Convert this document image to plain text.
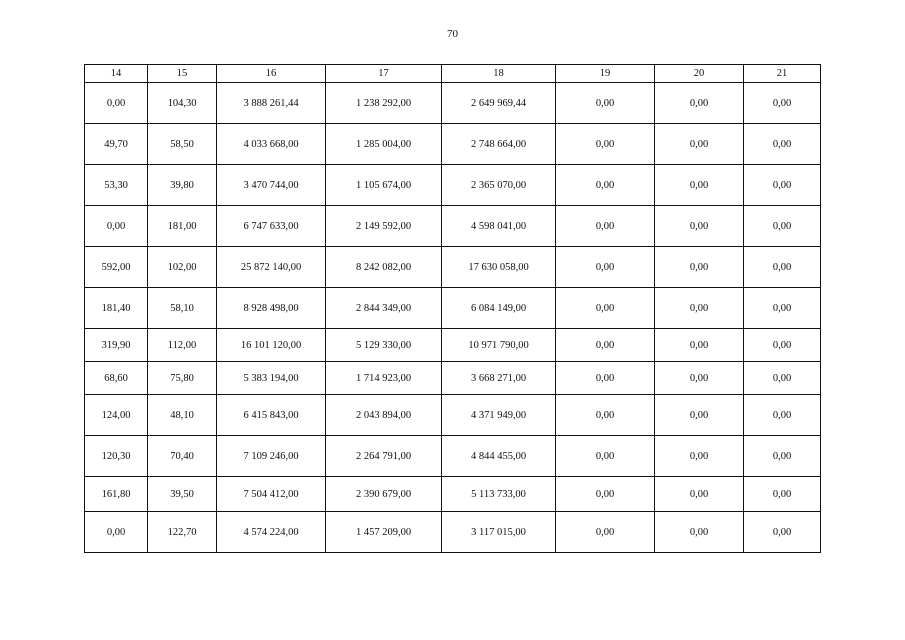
70
14	15	16	17	18	19	20	21
0,00	104,30	3 888 261,44	1 238 292,00	2 649 969,44	0,00	0,00	0,00
49,70	58,50	4 033 668,00	1 285 004,00	2 748 664,00	0,00	0,00	0,00
53,30	39,80	3 470 744,00	1 105 674,00	2 365 070,00	0,00	0,00	0,00
0,00	181,00	6 747 633,00	2 149 592,00	4 598 041,00	0,00	0,00	0,00
592,00	102,00	25 872 140,00	8 242 082,00	17 630 058,00	0,00	0,00	0,00
181,40	58,10	8 928 498,00	2 844 349,00	6 084 149,00	0,00	0,00	0,00
319,90	112,00	16 101 120,00	5 129 330,00	10 971 790,00	0,00	0,00	0,00
68,60	75,80	5 383 194,00	1 714 923,00	3 668 271,00	0,00	0,00	0,00
124,00	48,10	6 415 843,00	2 043 894,00	4 371 949,00	0,00	0,00	0,00
120,30	70,40	7 109 246,00	2 264 791,00	4 844 455,00	0,00	0,00	0,00
161,80	39,50	7 504 412,00	2 390 679,00	5 113 733,00	0,00	0,00	0,00
0,00	122,70	4 574 224,00	1 457 209,00	3 117 015,00	0,00	0,00	0,00
